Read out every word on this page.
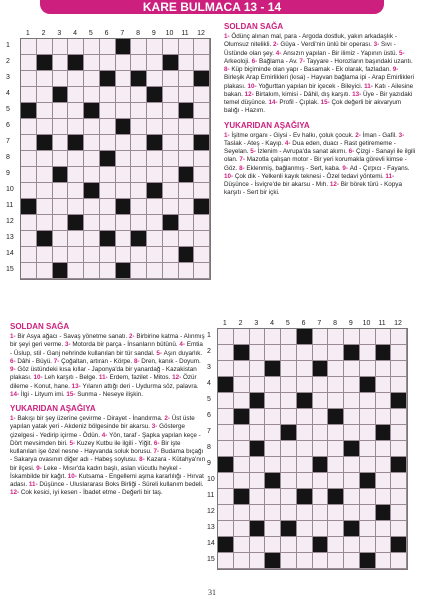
KARE BULMACA 13 - 14
1 2 3 4 5 6 7 8 9 10 11 12
1
2
3
4
5
6
7
8
9
10
11
12
13
14
15
SOLDAN SAĞA

1- Ödünç alınan mal, para - Argoda dostluk, yakın arkadaşlık - Olumsuz nitelikli. 2- Güya - Verdi'nin ünlü bir operası. 3- Sıvı - Üstünde olan şey. 4- Ansızın yapılan - Bir ilimiz - Yapının üstü. 5- Arkeoloji. 6- Bağlama - Av. 7- Tayyare - Horozların başındaki uzantı. 8- Küp biçiminde olan yapı - Basamak - Ek olarak, fazladan. 9- Birleşik Arap Emirlikleri (kısa) - Hayvan bağlama ipi - Arap Emirlikleri plakası. 10- Yoğurttan yapılan bir içecek - Bileyici. 11- Katı - Ailesine bakan. 12- Birtakım, kimisi - Dâhil, dış karşıtı. 13- Üye - Bir yazıdaki temel düşünce. 14- Profil - Çıplak. 15- Çok değerli bir akvaryum balığı - Hazım.

YUKARIDAN AŞAĞIYA

1- İşitme organı - Giysi - Ev halkı, çoluk çocuk. 2- İman - Gafil. 3- Taslak - Ateş - Kayıp. 4- Dua eden, duacı - Rast getirememe - Seyelan. 5- İzlenim - Avrupa'da sanat akımı. 6- Çizgi - Sanayi ile ilgili olan. 7- Mazotla çalışan motor - Bir yeri korumakla görevli kimse - Göz. 8- Eklenmiş, bağlanmış - Sert, kaba. 9- Ad - Çırpıcı - Fayans. 10- Çok dik - Yelkenli kayık teknesi - Özel tedavi yöntemi. 11- Düşünce - İsviçre'de bir akarsu - Mıh. 12- Bir börek türü - Kopya karşıtı - Sert bir içki.

SOLDAN SAĞA

1- Bir Asya ağacı - Savaş yönetme sanatı. 2- Birbirine katma - Alınmış bir şeyi geri verme. 3- Motorda bir parça - İnsanların bütünü. 4- Emtia - Üslup, stil - Ganj nehrinde kullanılan bir tür sandal. 5- Aşırı duyarlık. 6- Dâhi - Büyü. 7- Çoğaltan, artıran - Körpe. 8- Dren, kanık - Doyum. 9- Göz üstündeki kısa kıllar - Japonya'da bir yanardağ - Kazakistan plakası. 10- Leh karşıtı - Belge. 11- Erdem, fazilet - Mitos. 12- Özür dileme - Konut, hane. 13- Yılanın attığı deri - Uydurma söz, palavra. 14- İlgi - Lityum imi. 15- Sunma - Neseye ilişkin.

YUKARIDAN AŞAĞIYA

1- Bakışı bir şey üzerine çevirme - Dirayet - İnandırma. 2- Üst üste yapılan yatak yeri - Akdeniz bölgesinde bir akarsu. 3- Gösterge çizelgesi - Yedirip içirme - Ödün. 4- Yön, taraf - Şapka yapılan keçe - Dört mevsimden biri. 5- Kuzey Kutbu ile ilgili - Yiğit. 6- Bir işte kullanılan işe özel nesne - Hayvanda soluk borusu. 7- Budama bıçağı - Sakarya ovasının diğer adı - Habeş soylusu. 8- Kazara - Kütahya'nın bir ilçesi. 9- Leke - Mısır'da kadın başlı, aslan vücutlu heykel - İskambilde bir kağıt. 10- Kutsama - Engellemi aşma kararlılığı - Hırvat adası. 11- Düşünce - Uluslararası Boks Birliği - Süreli kullanım bedeli. 12- Cok kesici, iyi kesen - İbadet etme - Değerli bir taş.

1 2 3 4 5 6 7 8 9 10 11 12
1
2
3
4
5
6
7
8
9
10
11
12
13
14
15
31
